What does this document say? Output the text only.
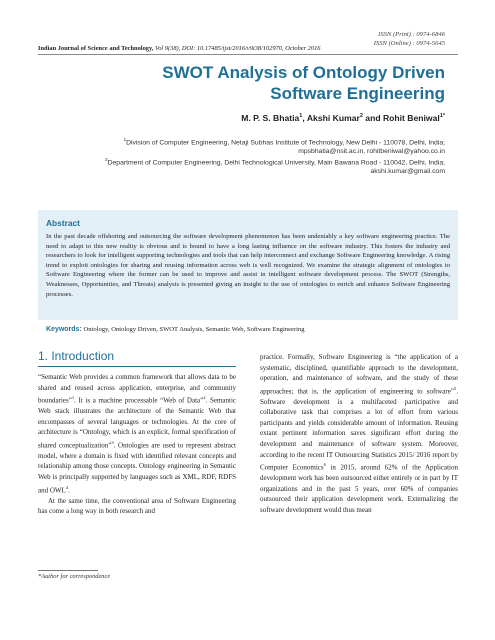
ISSN (Print) : 0974-6846
ISSN (Online) : 0974-5645
Indian Journal of Science and Technology, Vol 9(38), DOI: 10.17485/ijst/2016/v9i38/102970, October 2016
SWOT Analysis of Ontology Driven Software Engineering
M. P. S. Bhatia$^1$, Akshi Kumar$^2$ and Rohit Beniwal$^{1*}$
$^1$Division of Computer Engineering, Netaji Subhas Institute of Technology, New Delhi - 110078, Delhi, India;
mpsbhatia@nsit.ac.in, rohitbeniwal@yahoo.co.in
$^2$Department of Computer Engineering, Delhi Technological University, Main Bawana Road - 110042, Delhi, India;
akshi.kumar@gmail.com
Abstract
In the past decade offshoring and outsourcing the software development phenomenon has been undeniably a key software engineering practice. The need to adapt to this new reality is obvious and is bound to have a long lasting influence on the software industry. This fosters the industry and researchers to look for intelligent supporting technologies and tools that can help interconnect and exchange Software Engineering knowledge. A rising trend to exploit ontologies for sharing and reusing information across web is well recognized. We examine the strategic alignment of ontologies to Software Engineering where the former can be used to improve and assist in intelligent software development process. The SWOT (Strengths, Weaknesses, Opportunities, and Threats) analysis is presented giving an insight to the use of ontologies to enrich and enhance Software Engineering processes.
Keywords: Ontology, Ontology Driven, SWOT Analysis, Semantic Web, Software Engineering
1. Introduction

“Semantic Web provides a common framework that allows data to be shared and reused across application, enterprise, and community boundaries”$^1$. It is a machine processable “Web of Data”$^2$. Semantic Web stack illustrates the architecture of the Semantic Web that encompasses of several languages or technologies. At the core of architecture is “Ontology, which is an explicit, formal specification of shared conceptualization”$^3$. Ontologies are used to represent abstract model, where a domain is fixed with identified relevant concepts and relationship among those concepts. Ontology engineering in Semantic Web is principally supported by languages such as XML, RDF, RDFS and OWL$^4$.

At the same time, the conventional area of Software Engineering has come a long way in both research and

practice. Formally, Software Engineering is “the application of a systematic, disciplined, quantifiable approach to the development, operation, and maintenance of software, and the study of these approaches; that is, the application of engineering to software”$^5$. Software development is a multifaceted participative and collaborative task that comprises a lot of effort from various participants and yields considerable amount of information. Reusing extant pertinent information saves significant effort during the development and maintenance of software system. Moreover, according to the recent IT Outsourcing Statistics 2015/ 2016 report by Computer Economics$^6$ in 2015, around 62% of the Application development work has been outsourced either entirely or in part by IT organizations and in the past 5 years, over 60% of companies outsourced their application development work. Externalizing the software development would thus mean

*Author for correspondence
